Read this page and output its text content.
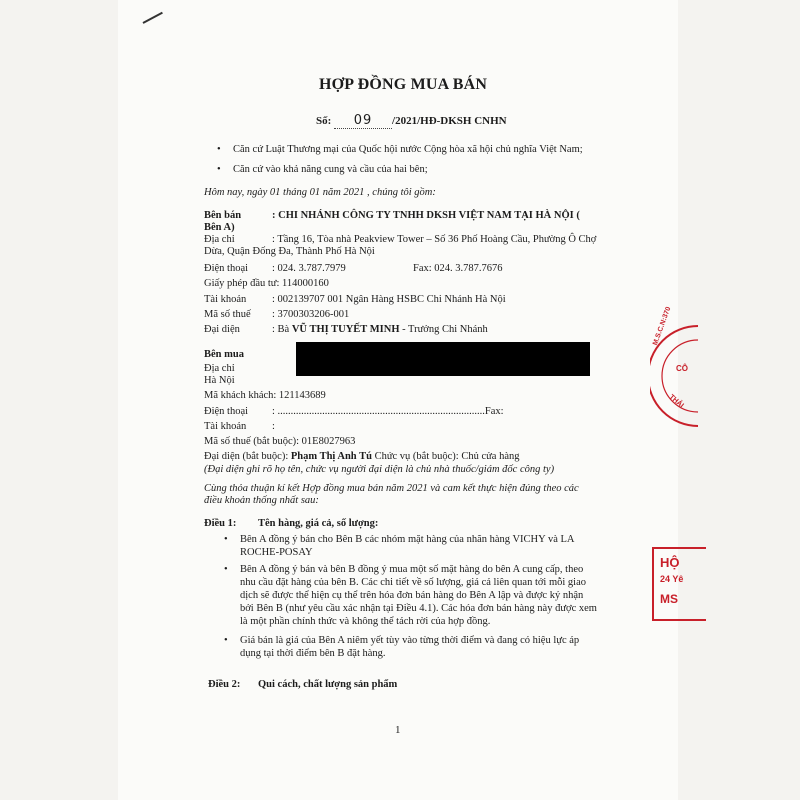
HỢP ĐỒNG MUA BÁN
Số: 09 /2021/HĐ-DKSH CNHN
• Căn cứ Luật Thương mại của Quốc hội nước Cộng hòa xã hội chủ nghĩa Việt Nam;
• Căn cứ vào khả năng cung và cầu của hai bên;
Hôm nay, ngày 01 tháng 01 năm 2021 , chúng tôi gồm:
Bên bán	: CHI NHÁNH CÔNG TY TNHH DKSH VIỆT NAM TẠI HÀ NỘI (
Bên A)
Địa chỉ	: Tầng 16, Tòa nhà Peakview Tower – Số 36 Phố Hoàng Cầu, Phường Ô Chợ
Dừa, Quận Đống Đa, Thành Phố Hà Nội
Điện thoại : 024. 3.787.7979	Fax: 024. 3.787.7676
Giấy phép đầu tư: 114000160
Tài khoản : 002139707 001 Ngân Hàng HSBC Chi Nhánh Hà Nội
Mã số thuế : 3700303206-001
Đại diện	: Bà VŨ THỊ TUYẾT MINH - Trưởng Chi Nhánh
Bên mua
Địa chỉ
Hà Nội
Mã khách khách: 121143689
Điện thoại : ...............................................................................Fax:
Tài khoản :
Mã số thuế (bắt buộc): 01E8027963
Đại diện (bắt buộc): Phạm Thị Anh Tú Chức vụ (bắt buộc): Chủ cửa hàng
(Đại diện ghi rõ họ tên, chức vụ người đại diện là chủ nhà thuốc/giám đốc công ty)
Cùng thỏa thuận kí kết Hợp đồng mua bán năm 2021 và cam kết thực hiện đúng theo các
điều khoản thống nhất sau:
Điều 1: Tên hàng, giá cả, số lượng:
• Bên A đồng ý bán cho Bên B các nhóm mặt hàng của nhãn hàng VICHY và LA
ROCHE-POSAY
• Bên A đồng ý bán và bên B đồng ý mua một số mặt hàng do bên A cung cấp, theo
nhu cầu đặt hàng của bên B. Các chi tiết về số lượng, giá cả liên quan tới mỗi giao
dịch sẽ được thể hiện cụ thể trên hóa đơn bán hàng do Bên A lập và được ký nhận
bởi Bên B (như yêu cầu xác nhận tại Điều 4.1). Các hóa đơn bán hàng này được xem
là một phần chính thức và không thể tách rời của hợp đồng.
• Giá bán là giá của Bên A niêm yết tùy vào từng thời điểm và đang có hiệu lực áp
dụng tại thời điểm bên B đặt hàng.
Điều 2: Qui cách, chất lượng sản phẩm
1
M.S.C.N:370
CÔ
THẢI
HỘ
24 Yê
MS
